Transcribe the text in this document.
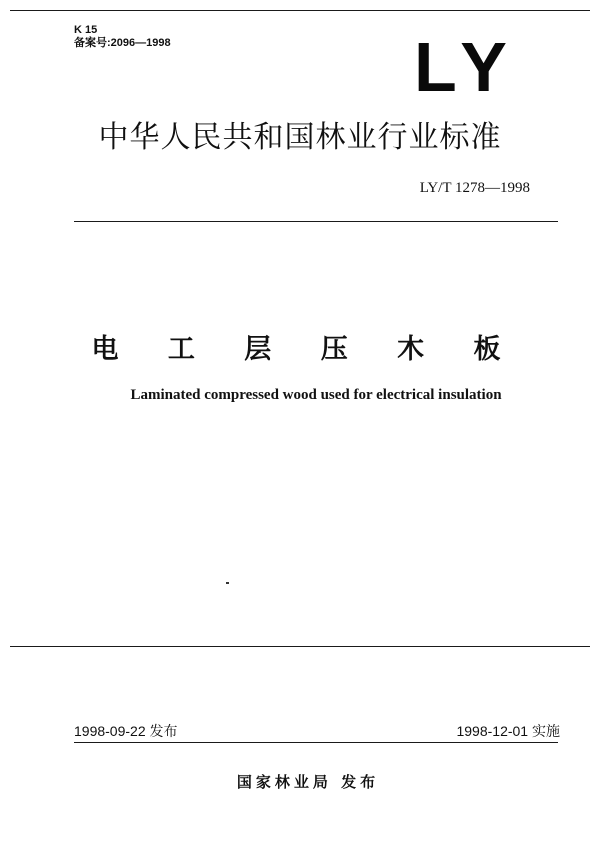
K 15
备案号:2096—1998	LY
中华人民共和国林业行业标准
LY/T 1278—1998
电 工 层 压 木 板
Laminated compressed wood used for electrical insulation
1998-09-22 发布	1998-12-01 实施
国家林业局 发布
